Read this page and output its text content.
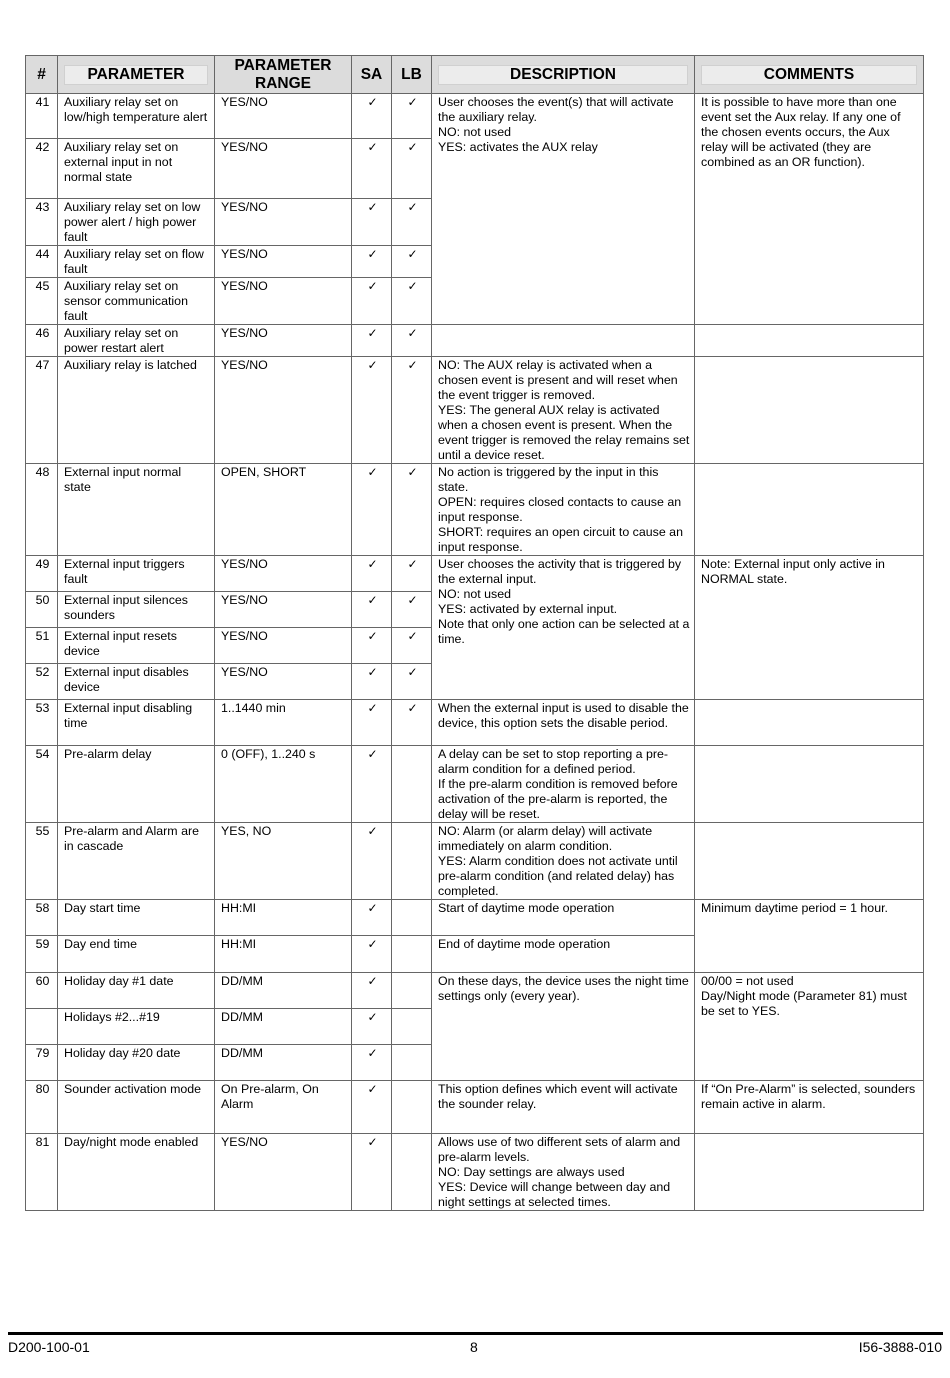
#	PARAMETER	PARAMETER RANGE	SA	LB	DESCRIPTION	COMMENTS

41	Auxiliary relay set on low/high temperature alert	YES/NO	✓	✓	User chooses the event(s) that will activate the auxiliary relay.
NO: not used
YES: activates the AUX relay	It is possible to have more than one event set the Aux relay. If any one of the chosen events occurs, the Aux relay will be activated (they are combined as an OR function).
42	Auxiliary relay set on external input in not normal state	YES/NO	✓	✓		
43	Auxiliary relay set on low power alert / high power fault	YES/NO	✓	✓		
44	Auxiliary relay set on flow fault	YES/NO	✓	✓		
45	Auxiliary relay set on sensor communication fault	YES/NO	✓	✓		
46	Auxiliary relay set on power restart alert	YES/NO	✓	✓		
47	Auxiliary relay is latched	YES/NO	✓	✓	NO: The AUX relay is activated when a chosen event is present and will reset when the event trigger is removed.
YES: The general AUX relay is activated when a chosen event is present. When the event trigger is removed the relay remains set until a device reset.	
48	External input normal state	OPEN, SHORT	✓	✓	No action is triggered by the input in this state.
OPEN: requires closed contacts to cause an input response.
SHORT: requires an open circuit to cause an input response.	
49	External input triggers fault	YES/NO	✓	✓	User chooses the activity that is triggered by the external input.
NO: not used
YES: activated by external input.
Note that only one action can be selected at a time.	Note: External input only active in NORMAL state.
50	External input silences sounders	YES/NO	✓	✓		
51	External input resets device	YES/NO	✓	✓		
52	External input disables device	YES/NO	✓	✓		
53	External input disabling time	1..1440 min	✓	✓	When the external input is used to disable the device, this option sets the disable period.	
54	Pre-alarm delay	0 (OFF), 1..240 s	✓		A delay can be set to stop reporting a pre-alarm condition for a defined period.
If the pre-alarm condition is removed before activation of the pre-alarm is reported, the delay will be reset.	
55	Pre-alarm and Alarm are in cascade	YES, NO	✓		NO: Alarm (or alarm delay) will activate immediately on alarm condition.
YES: Alarm condition does not activate until pre-alarm condition (and related delay) has completed.	
58	Day start time	HH:MI	✓		Start of daytime mode operation	Minimum daytime period = 1 hour.
59	Day end time	HH:MI	✓		End of daytime mode operation	
60	Holiday day #1 date	DD/MM	✓		On these days, the device uses the night time settings only (every year).	00/00 = not used
Day/Night mode (Parameter 81) must be set to YES.
	Holidays #2...#19	DD/MM	✓			
79	Holiday day #20 date	DD/MM	✓			
80	Sounder activation mode	On Pre-alarm, On Alarm	✓		This option defines which event will activate the sounder relay.	If “On Pre-Alarm” is selected, sounders remain active in alarm.
81	Day/night mode enabled	YES/NO	✓		Allows use of two different sets of alarm and pre-alarm levels.
NO: Day settings are always used
YES: Device will change between day and night settings at selected times.	
D200-100-01	8	I56-3888-010
